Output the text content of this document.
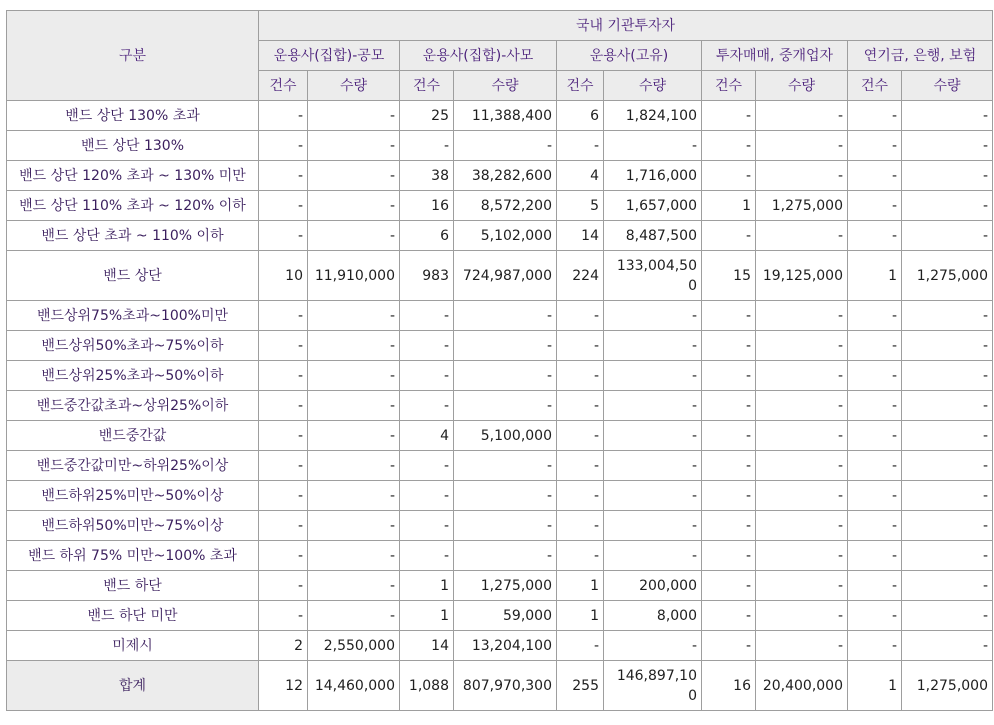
구분	국내 기관투자자									
	운용사(집합)-공모		운용사(집합)-사모		운용사(고유)		투자매매, 중개업자		연기금, 은행, 보험	
	건수	수량	건수	수량	건수	수량	건수	수량	건수	수량
밴드 상단 130% 초과	-	-	25	11,388,400	6	1,824,100	-	-	-	-
밴드 상단 130%	-	-	-	-	-	-	-	-	-	-
밴드 상단 120% 초과 ~ 130% 미만	-	-	38	38,282,600	4	1,716,000	-	-	-	-
밴드 상단 110% 초과 ~ 120% 이하	-	-	16	8,572,200	5	1,657,000	1	1,275,000	-	-
밴드 상단 초과 ~ 110% 이하	-	-	6	5,102,000	14	8,487,500	-	-	-	-
밴드 상단	10	11,910,000	983	724,987,000	224	133,004,500	15	19,125,000	1	1,275,000
밴드상위75%초과~100%미만	-	-	-	-	-	-	-	-	-	-
밴드상위50%초과~75%이하	-	-	-	-	-	-	-	-	-	-
밴드상위25%초과~50%이하	-	-	-	-	-	-	-	-	-	-
밴드중간값초과~상위25%이하	-	-	-	-	-	-	-	-	-	-
밴드중간값	-	-	4	5,100,000	-	-	-	-	-	-
밴드중간값미만~하위25%이상	-	-	-	-	-	-	-	-	-	-
밴드하위25%미만~50%이상	-	-	-	-	-	-	-	-	-	-
밴드하위50%미만~75%이상	-	-	-	-	-	-	-	-	-	-
밴드 하위 75% 미만~100% 초과	-	-	-	-	-	-	-	-	-	-
밴드 하단	-	-	1	1,275,000	1	200,000	-	-	-	-
밴드 하단 미만	-	-	1	59,000	1	8,000	-	-	-	-
미제시	2	2,550,000	14	13,204,100	-	-	-	-	-	-
합계	12	14,460,000	1,088	807,970,300	255	146,897,100	16	20,400,000	1	1,275,000
